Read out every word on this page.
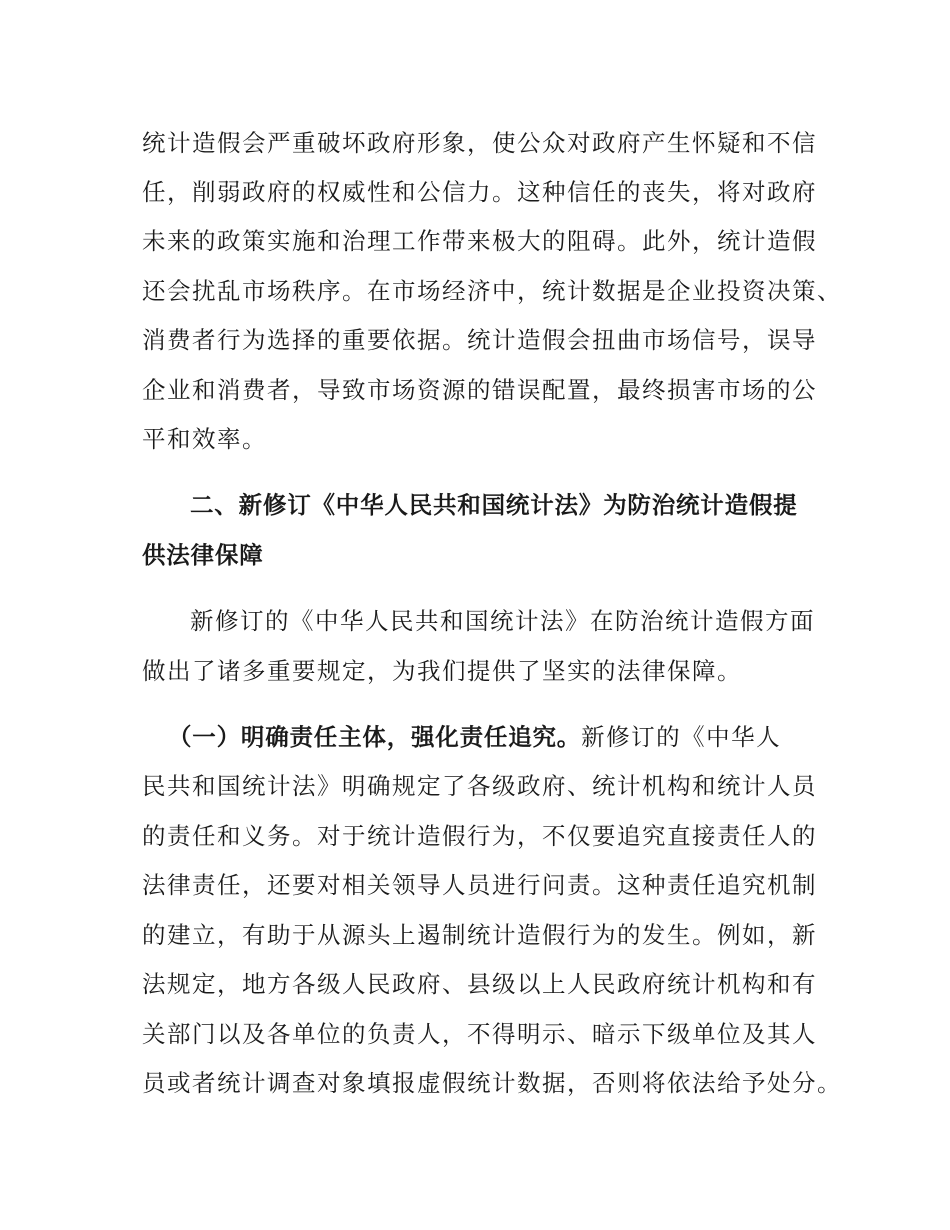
统计造假会严重破坏政府形象，使公众对政府产生怀疑和不信
任，削弱政府的权威性和公信力。这种信任的丧失，将对政府
未来的政策实施和治理工作带来极大的阻碍。此外，统计造假
还会扰乱市场秩序。在市场经济中，统计数据是企业投资决策、
消费者行为选择的重要依据。统计造假会扭曲市场信号，误导
企业和消费者，导致市场资源的错误配置，最终损害市场的公
平和效率。
二、新修订《中华人民共和国统计法》为防治统计造假提
供法律保障
新修订的《中华人民共和国统计法》在防治统计造假方面
做出了诸多重要规定，为我们提供了坚实的法律保障。
（一）明确责任主体，强化责任追究。新修订的《中华人
民共和国统计法》明确规定了各级政府、统计机构和统计人员
的责任和义务。对于统计造假行为，不仅要追究直接责任人的
法律责任，还要对相关领导人员进行问责。这种责任追究机制
的建立，有助于从源头上遏制统计造假行为的发生。例如，新
法规定，地方各级人民政府、县级以上人民政府统计机构和有
关部门以及各单位的负责人，不得明示、暗示下级单位及其人
员或者统计调查对象填报虚假统计数据，否则将依法给予处分。
